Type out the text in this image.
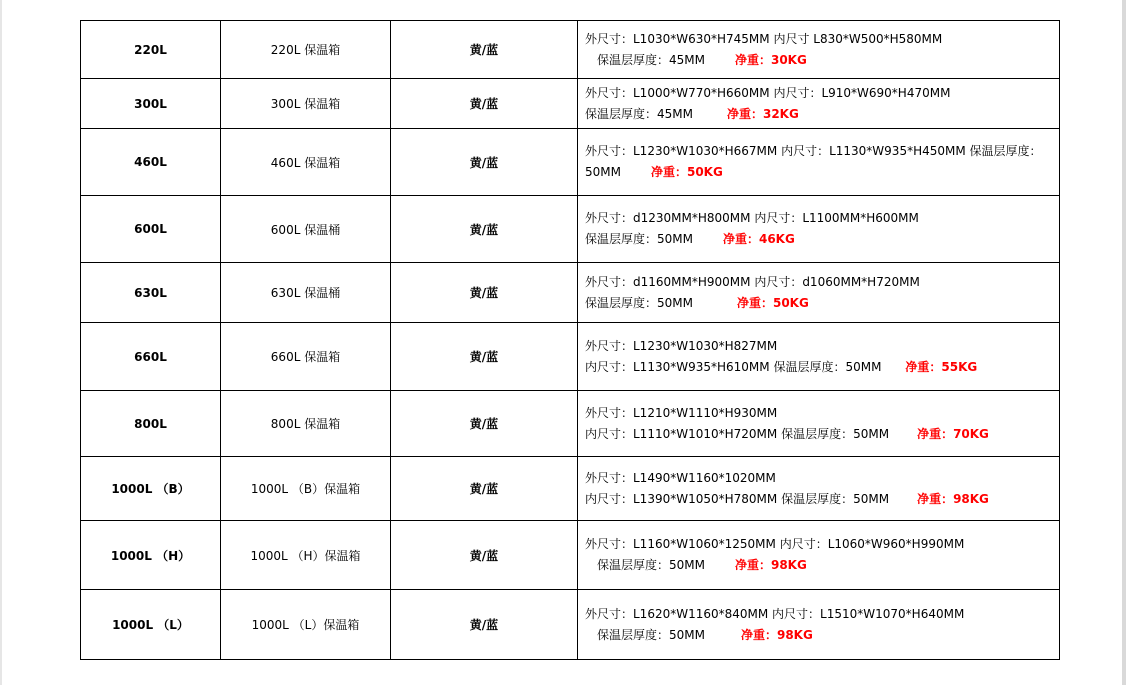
220L	220L 保温箱	黄/蓝	外尺寸：L1030*W630*H745MM 内尺寸 L830*W500*H580MM
保温层厚度：45MM 净重：30KG

300L	300L 保温箱	黄/蓝	外尺寸：L1000*W770*H660MM 内尺寸：L910*W690*H470MM
保温层厚度：45MM 净重：32KG

460L	460L 保温箱	黄/蓝	外尺寸：L1230*W1030*H667MM 内尺寸：L1130*W935*H450MM 保温层厚度：
50MM 净重：50KG

600L	600L 保温桶	黄/蓝	外尺寸：d1230MM*H800MM 内尺寸：L1100MM*H600MM
保温层厚度：50MM 净重：46KG

630L	630L 保温桶	黄/蓝	外尺寸：d1160MM*H900MM 内尺寸：d1060MM*H720MM
保温层厚度：50MM 净重：50KG

660L	660L 保温箱	黄/蓝	外尺寸：L1230*W1030*H827MM
内尺寸：L1130*W935*H610MM 保温层厚度：50MM 净重：55KG

800L	800L 保温箱	黄/蓝	外尺寸：L1210*W1110*H930MM
内尺寸：L1110*W1010*H720MM 保温层厚度：50MM 净重：70KG

1000L （B）	1000L （B）保温箱	黄/蓝	外尺寸：L1490*W1160*1020MM
内尺寸：L1390*W1050*H780MM 保温层厚度：50MM 净重：98KG

1000L （H）	1000L （H）保温箱	黄/蓝	外尺寸：L1160*W1060*1250MM 内尺寸：L1060*W960*H990MM
保温层厚度：50MM 净重：98KG

1000L （L）	1000L （L）保温箱	黄/蓝	外尺寸：L1620*W1160*840MM 内尺寸：L1510*W1070*H640MM
保温层厚度：50MM 净重：98KG
